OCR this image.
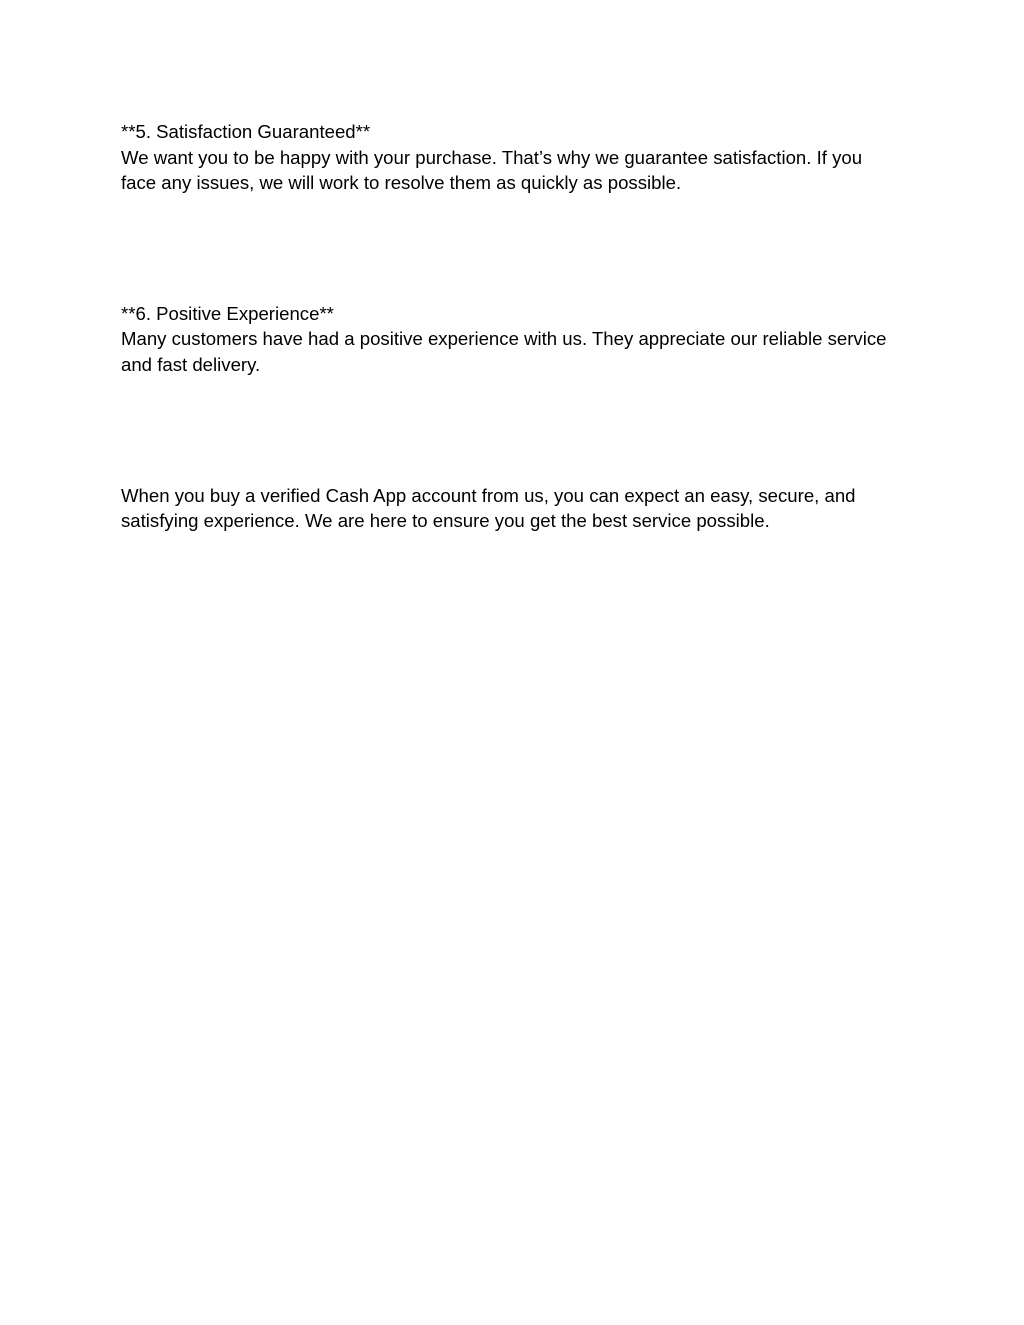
**5. Satisfaction Guaranteed**

We want you to be happy with your purchase. That’s why we guarantee satisfaction. If you face any issues, we will work to resolve them as quickly as possible.

**6. Positive Experience**

Many customers have had a positive experience with us. They appreciate our reliable service and fast delivery.

When you buy a verified Cash App account from us, you can expect an easy, secure, and satisfying experience. We are here to ensure you get the best service possible.
